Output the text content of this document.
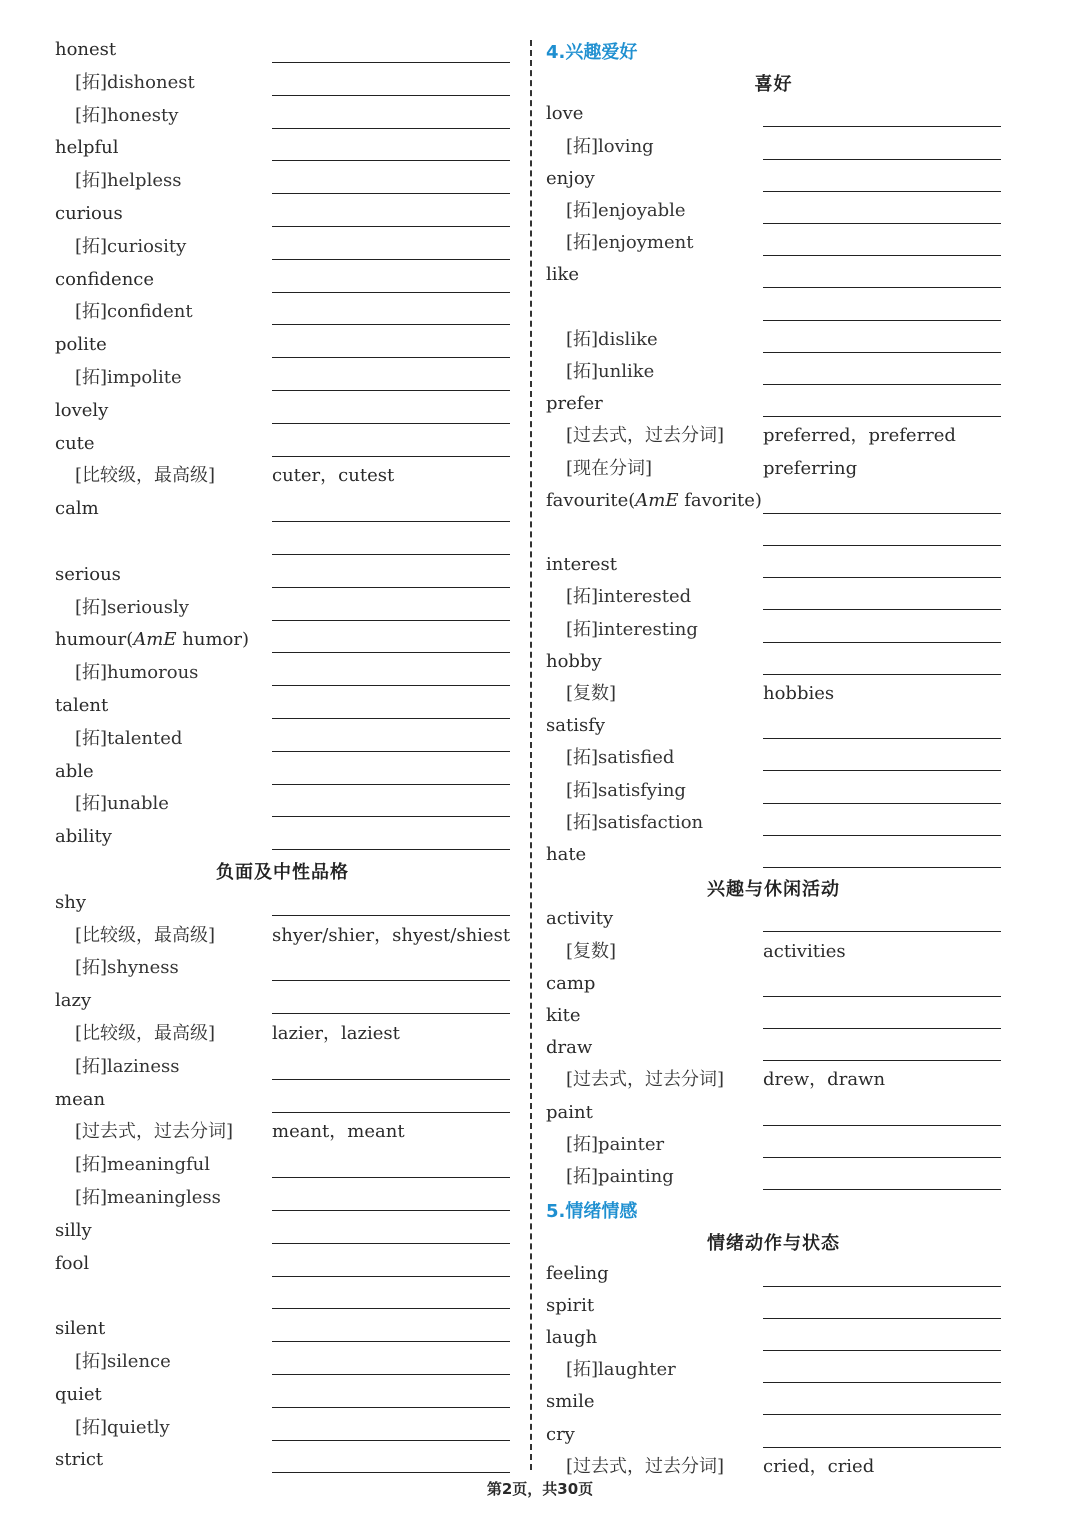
honest
[拓]dishonest
[拓]honesty
helpful
[拓]helpless
curious
[拓]curiosity
confidence
[拓]confident
polite
[拓]impolite
lovely
cute
[比较级，最高级]	cuter，cutest
calm
serious
[拓]seriously
humour(AmE humor)
[拓]humorous
talent
[拓]talented
able
[拓]unable
ability
负面及中性品格
shy
[比较级，最高级]	shyer/shier，shyest/shiest
[拓]shyness
lazy
[比较级，最高级]	lazier，laziest
[拓]laziness
mean
[过去式，过去分词] meant，meant
[拓]meaningful
[拓]meaningless
silly
fool
silent
[拓]silence
quiet
[拓]quietly
strict
4.兴趣爱好
喜好
love
[拓]loving
enjoy
[拓]enjoyable
[拓]enjoyment
like
[拓]dislike
[拓]unlike
prefer
[过去式，过去分词] preferred，preferred
[现在分词]	preferring
favourite(AmE favorite)
interest
[拓]interested
[拓]interesting
hobby
[复数]	hobbies
satisfy
[拓]satisfied
[拓]satisfying
[拓]satisfaction
hate
兴趣与休闲活动
activity
[复数]	activities
camp
kite
draw
[过去式，过去分词] drew，drawn
paint
[拓]painter
[拓]painting
5.情绪情感
情绪动作与状态
feeling
spirit
laugh
[拓]laughter
smile
cry
[过去式，过去分词] cried，cried
第2页，共30页
